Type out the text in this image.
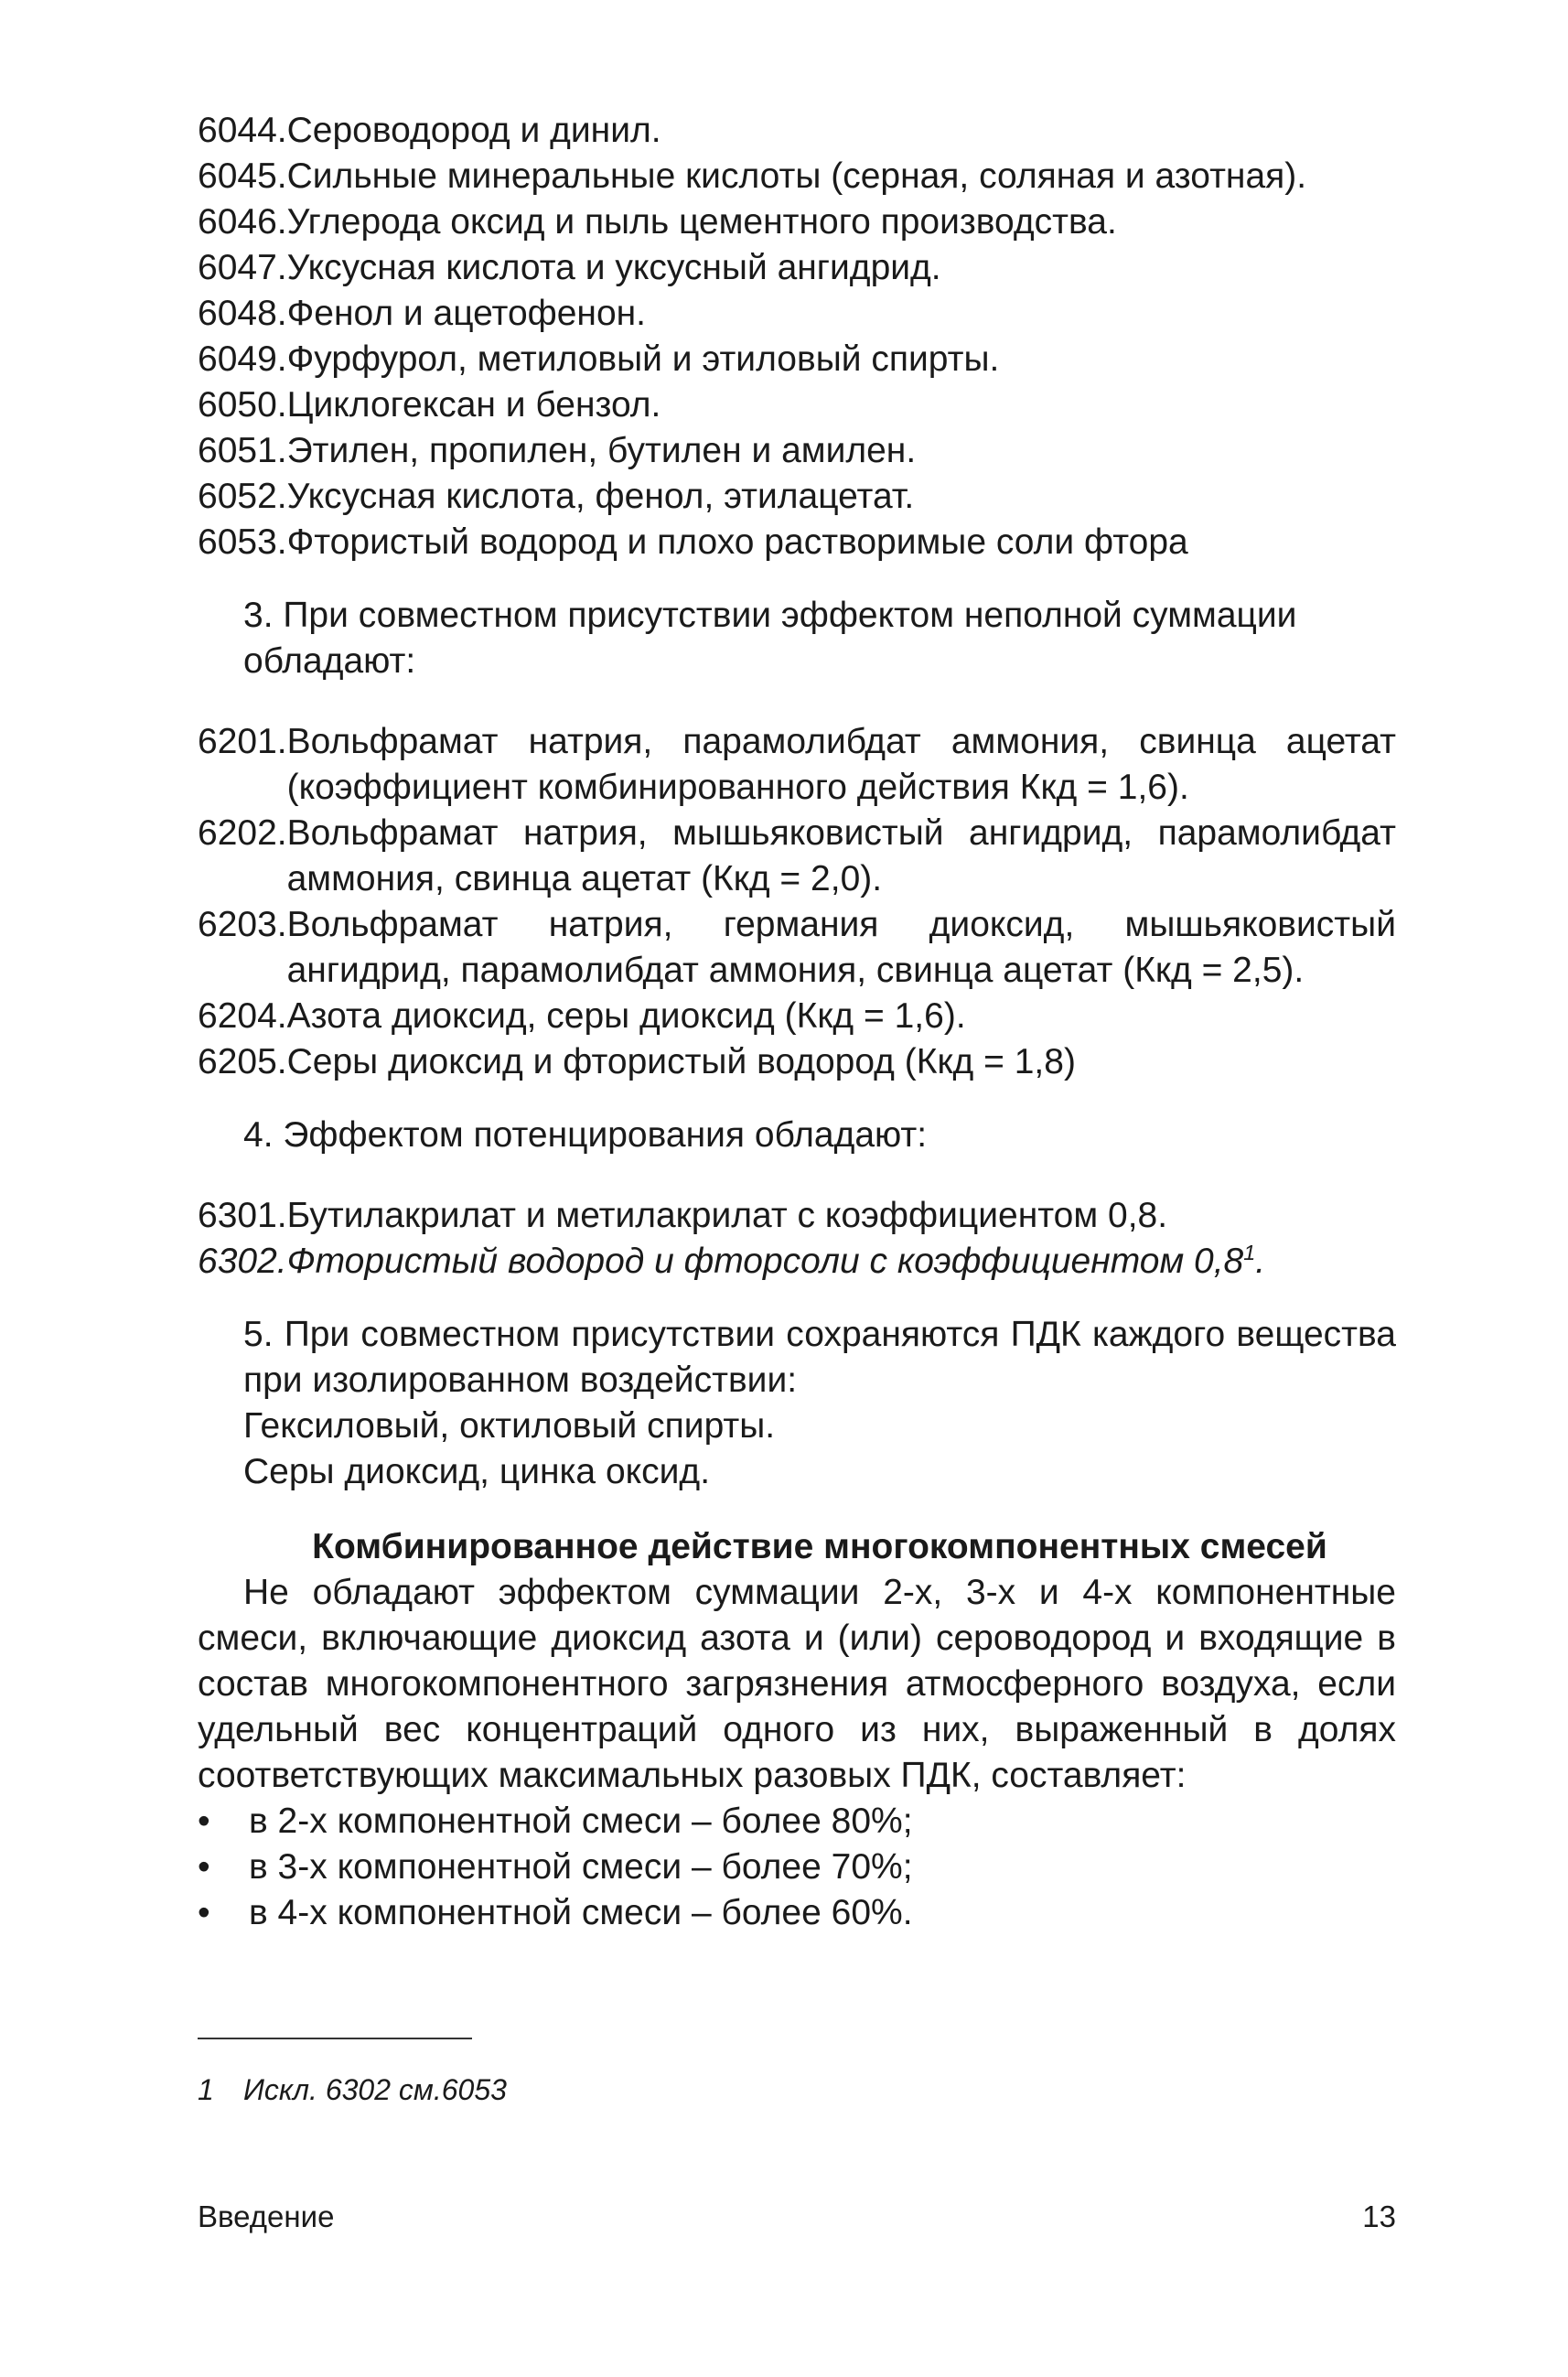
6044. Сероводород и динил.
6045. Сильные минеральные кислоты (серная, соляная и азотная).
6046. Углерода оксид и пыль цементного производства.
6047. Уксусная кислота и уксусный ангидрид.
6048. Фенол и ацетофенон.
6049. Фурфурол, метиловый и этиловый спирты.
6050. Циклогексан и бензол.
6051. Этилен, пропилен, бутилен и амилен.
6052. Уксусная кислота, фенол, этилацетат.
6053. Фтористый водород и плохо растворимые соли фтора
3. При совместном присутствии эффектом неполной суммации обладают:
6201. Вольфрамат натрия, парамолибдат аммония, свинца ацетат (коэффициент комбинированного действия Ккд = 1,6).
6202. Вольфрамат натрия, мышьяковистый ангидрид, парамолибдат аммония, свинца ацетат (Ккд = 2,0).
6203. Вольфрамат натрия, германия диоксид, мышьяковистый ангидрид, парамолибдат аммония, свинца ацетат (Ккд = 2,5).
6204. Азота диоксид, серы диоксид (Ккд = 1,6).
6205. Серы диоксид и фтористый водород (Ккд = 1,8)
4. Эффектом потенцирования обладают:
6301. Бутилакрилат и метилакрилат с коэффициентом 0,8.
6302. Фтористый водород и фторсоли с коэффициентом $0,8^1$.
5. При совместном присутствии сохраняются ПДК каждого вещества при изолированном воздействии:
Гексиловый, октиловый спирты.
Серы диоксид, цинка оксид.
Комбинированное действие многокомпонентных смесей
Не обладают эффектом суммации 2-х, 3-х и 4-х компонентные смеси, включающие диоксид азота и (или) сероводород и входящие в состав многокомпонентного загрязнения атмосферного воздуха, если удельный вес концентраций одного из них, выраженный в долях соответствующих максимальных разовых ПДК, составляет:
•	в 2-х компонентной смеси – более 80%;
•	в 3-х компонентной смеси – более 70%;
•	в 4-х компонентной смеси – более 60%.
1 Искл. 6302 см.6053
Введение	13
